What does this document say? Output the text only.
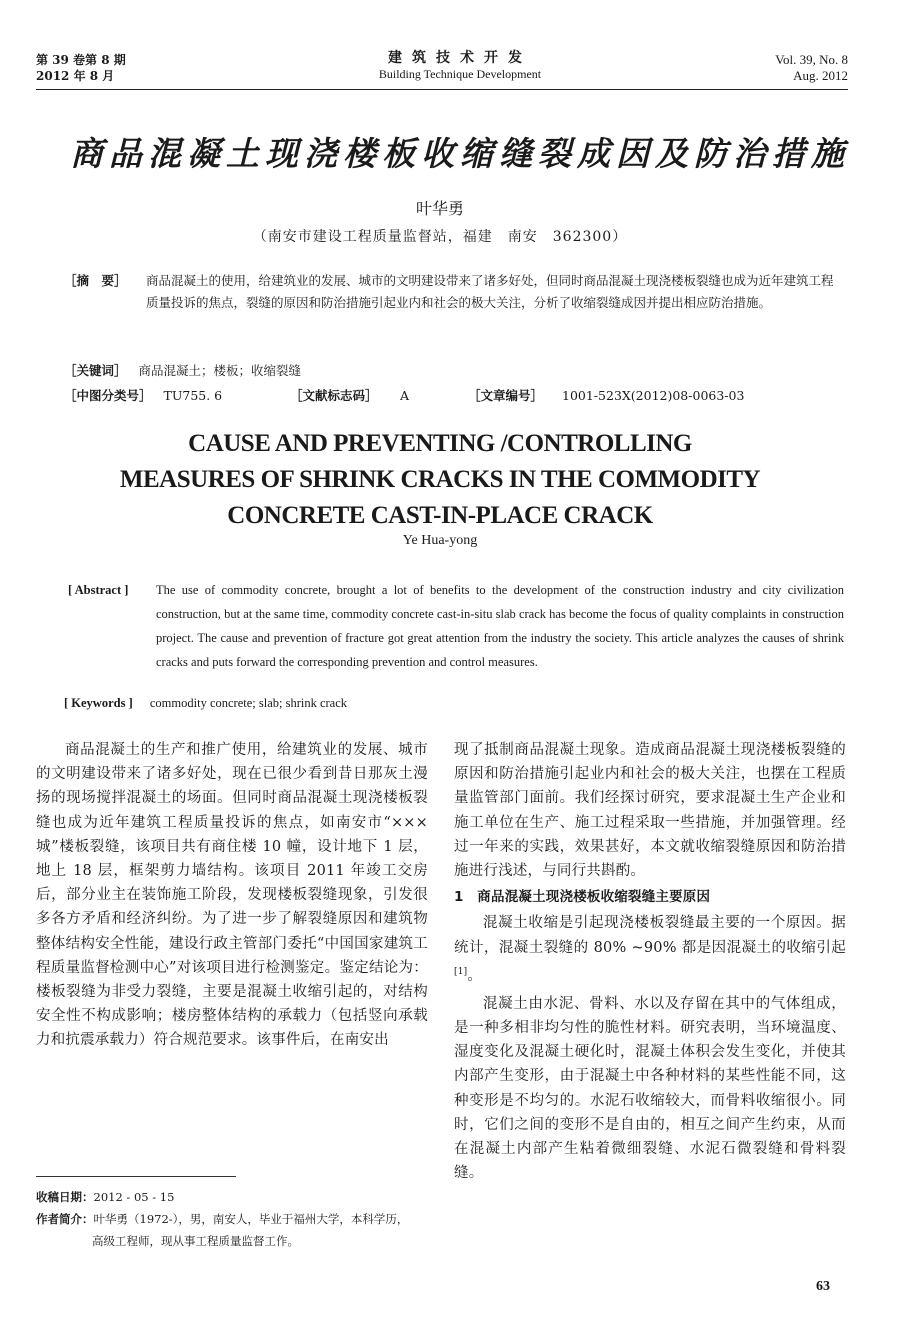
第 39 卷第 8 期
2012 年 8 月
建筑技术开发
Building Technique Development
Vol. 39, No. 8
Aug. 2012
商品混凝土现浇楼板收缩缝裂成因及防治措施
叶华勇
（南安市建设工程质量监督站，福建　南安　362300）
［摘　要］ 商品混凝土的使用，给建筑业的发展、城市的文明建设带来了诸多好处，但同时商品混凝土现浇楼板裂缝也成为近年建筑工程质量投诉的焦点，裂缝的原因和防治措施引起业内和社会的极大关注，分析了收缩裂缝成因并提出相应防治措施。
［关键词］ 商品混凝土；楼板；收缩裂缝
［中图分类号］ TU755. 6	［文献标志码］ A	［文章编号］ 1001-523X(2012)08-0063-03
CAUSE AND PREVENTING /CONTROLLING
MEASURES OF SHRINK CRACKS IN THE COMMODITY
CONCRETE CAST-IN-PLACE CRACK
Ye Hua-yong
[ Abstract ] The use of commodity concrete, brought a lot of benefits to the development of the construction industry and city civilization construction, but at the same time, commodity concrete cast-in-situ slab crack has become the focus of quality complaints in construction project. The cause and prevention of fracture got great attention from the industry the society. This article analyzes the causes of shrink cracks and puts forward the corresponding prevention and control measures.
[ Keywords ] commodity concrete; slab; shrink crack

商品混凝土的生产和推广使用，给建筑业的发展、城市的文明建设带来了诸多好处，现在已很少看到昔日那灰土漫扬的现场搅拌混凝土的场面。但同时商品混凝土现浇楼板裂缝也成为近年建筑工程质量投诉的焦点，如南安市“×××城”楼板裂缝，该项目共有商住楼 10 幢，设计地下 1 层，地上 18 层，框架剪力墙结构。该项目 2011 年竣工交房后，部分业主在装饰施工阶段，发现楼板裂缝现象，引发很多各方矛盾和经济纠纷。为了进一步了解裂缝原因和建筑物整体结构安全性能，建设行政主管部门委托“中国国家建筑工程质量监督检测中心”对该项目进行检测鉴定。鉴定结论为：楼板裂缝为非受力裂缝，主要是混凝土收缩引起的，对结构安全性不构成影响；楼房整体结构的承载力（包括竖向承载力和抗震承载力）符合规范要求。该事件后，在南安出

现了抵制商品混凝土现象。造成商品混凝土现浇楼板裂缝的原因和防治措施引起业内和社会的极大关注，也摆在工程质量监管部门面前。我们经探讨研究，要求混凝土生产企业和施工单位在生产、施工过程采取一些措施，并加强管理。经过一年来的实践，效果甚好，本文就收缩裂缝原因和防治措施进行浅述，与同行共斟酌。

1　商品混凝土现浇楼板收缩裂缝主要原因

混凝土收缩是引起现浇楼板裂缝最主要的一个原因。据统计，混凝土裂缝的 80% ~90% 都是因混凝土的收缩引起[1]。

混凝土由水泥、骨料、水以及存留在其中的气体组成，是一种多相非均匀性的脆性材料。研究表明，当环境温度、湿度变化及混凝土硬化时，混凝土体积会发生变化，并使其内部产生变形，由于混凝土中各种材料的某些性能不同，这种变形是不均匀的。水泥石收缩较大，而骨料收缩很小。同时，它们之间的变形不是自由的，相互之间产生约束，从而在混凝土内部产生粘着微细裂缝、水泥石微裂缝和骨料裂缝。

收稿日期：2012 - 05 - 15
作者简介：叶华勇（1972-），男，南安人，毕业于福州大学，本科学历，
高级工程师，现从事工程质量监督工作。
63
